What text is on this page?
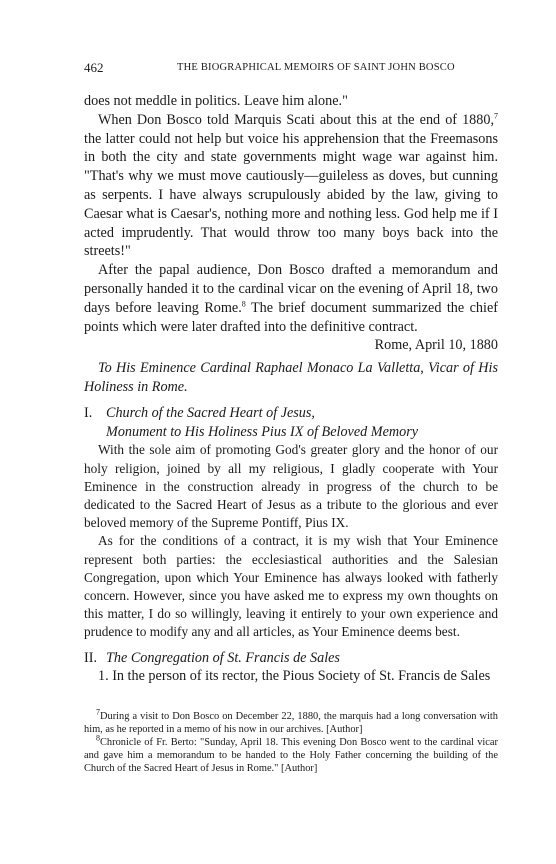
462	THE BIOGRAPHICAL MEMOIRS OF SAINT JOHN BOSCO

does not meddle in politics. Leave him alone."

When Don Bosco told Marquis Scati about this at the end of 1880,$^7$ the latter could not help but voice his apprehension that the Freemasons in both the city and state governments might wage war against him. "That's why we must move cautiously—guileless as doves, but cunning as serpents. I have always scrupulously abided by the law, giving to Caesar what is Caesar's, nothing more and nothing less. God help me if I acted imprudently. That would throw too many boys back into the streets!"

After the papal audience, Don Bosco drafted a memorandum and personally handed it to the cardinal vicar on the evening of April 18, two days before leaving Rome.$^8$ The brief document summarized the chief points which were later drafted into the definitive contract.

Rome, April 10, 1880

To His Eminence Cardinal Raphael Monaco La Valletta, Vicar of His Holiness in Rome.

I. Church of the Sacred Heart of Jesus,

Monument to His Holiness Pius IX of Beloved Memory

With the sole aim of promoting God's greater glory and the honor of our holy religion, joined by all my religious, I gladly cooperate with Your Eminence in the construction already in progress of the church to be dedicated to the Sacred Heart of Jesus as a tribute to the glorious and ever beloved memory of the Supreme Pontiff, Pius IX.

As for the conditions of a contract, it is my wish that Your Eminence represent both parties: the ecclesiastical authorities and the Salesian Congregation, upon which Your Eminence has always looked with fatherly concern. However, since you have asked me to express my own thoughts on this matter, I do so willingly, leaving it entirely to your own experience and prudence to modify any and all articles, as Your Eminence deems best.

II. The Congregation of St. Francis de Sales

1. In the person of its rector, the Pious Society of St. Francis de Sales

$^7$During a visit to Don Bosco on December 22, 1880, the marquis had a long conversation with him, as he reported in a memo of his now in our archives. [Author]

$^8$Chronicle of Fr. Berto: "Sunday, April 18. This evening Don Bosco went to the cardinal vicar and gave him a memorandum to be handed to the Holy Father concerning the building of the Church of the Sacred Heart of Jesus in Rome." [Author]
